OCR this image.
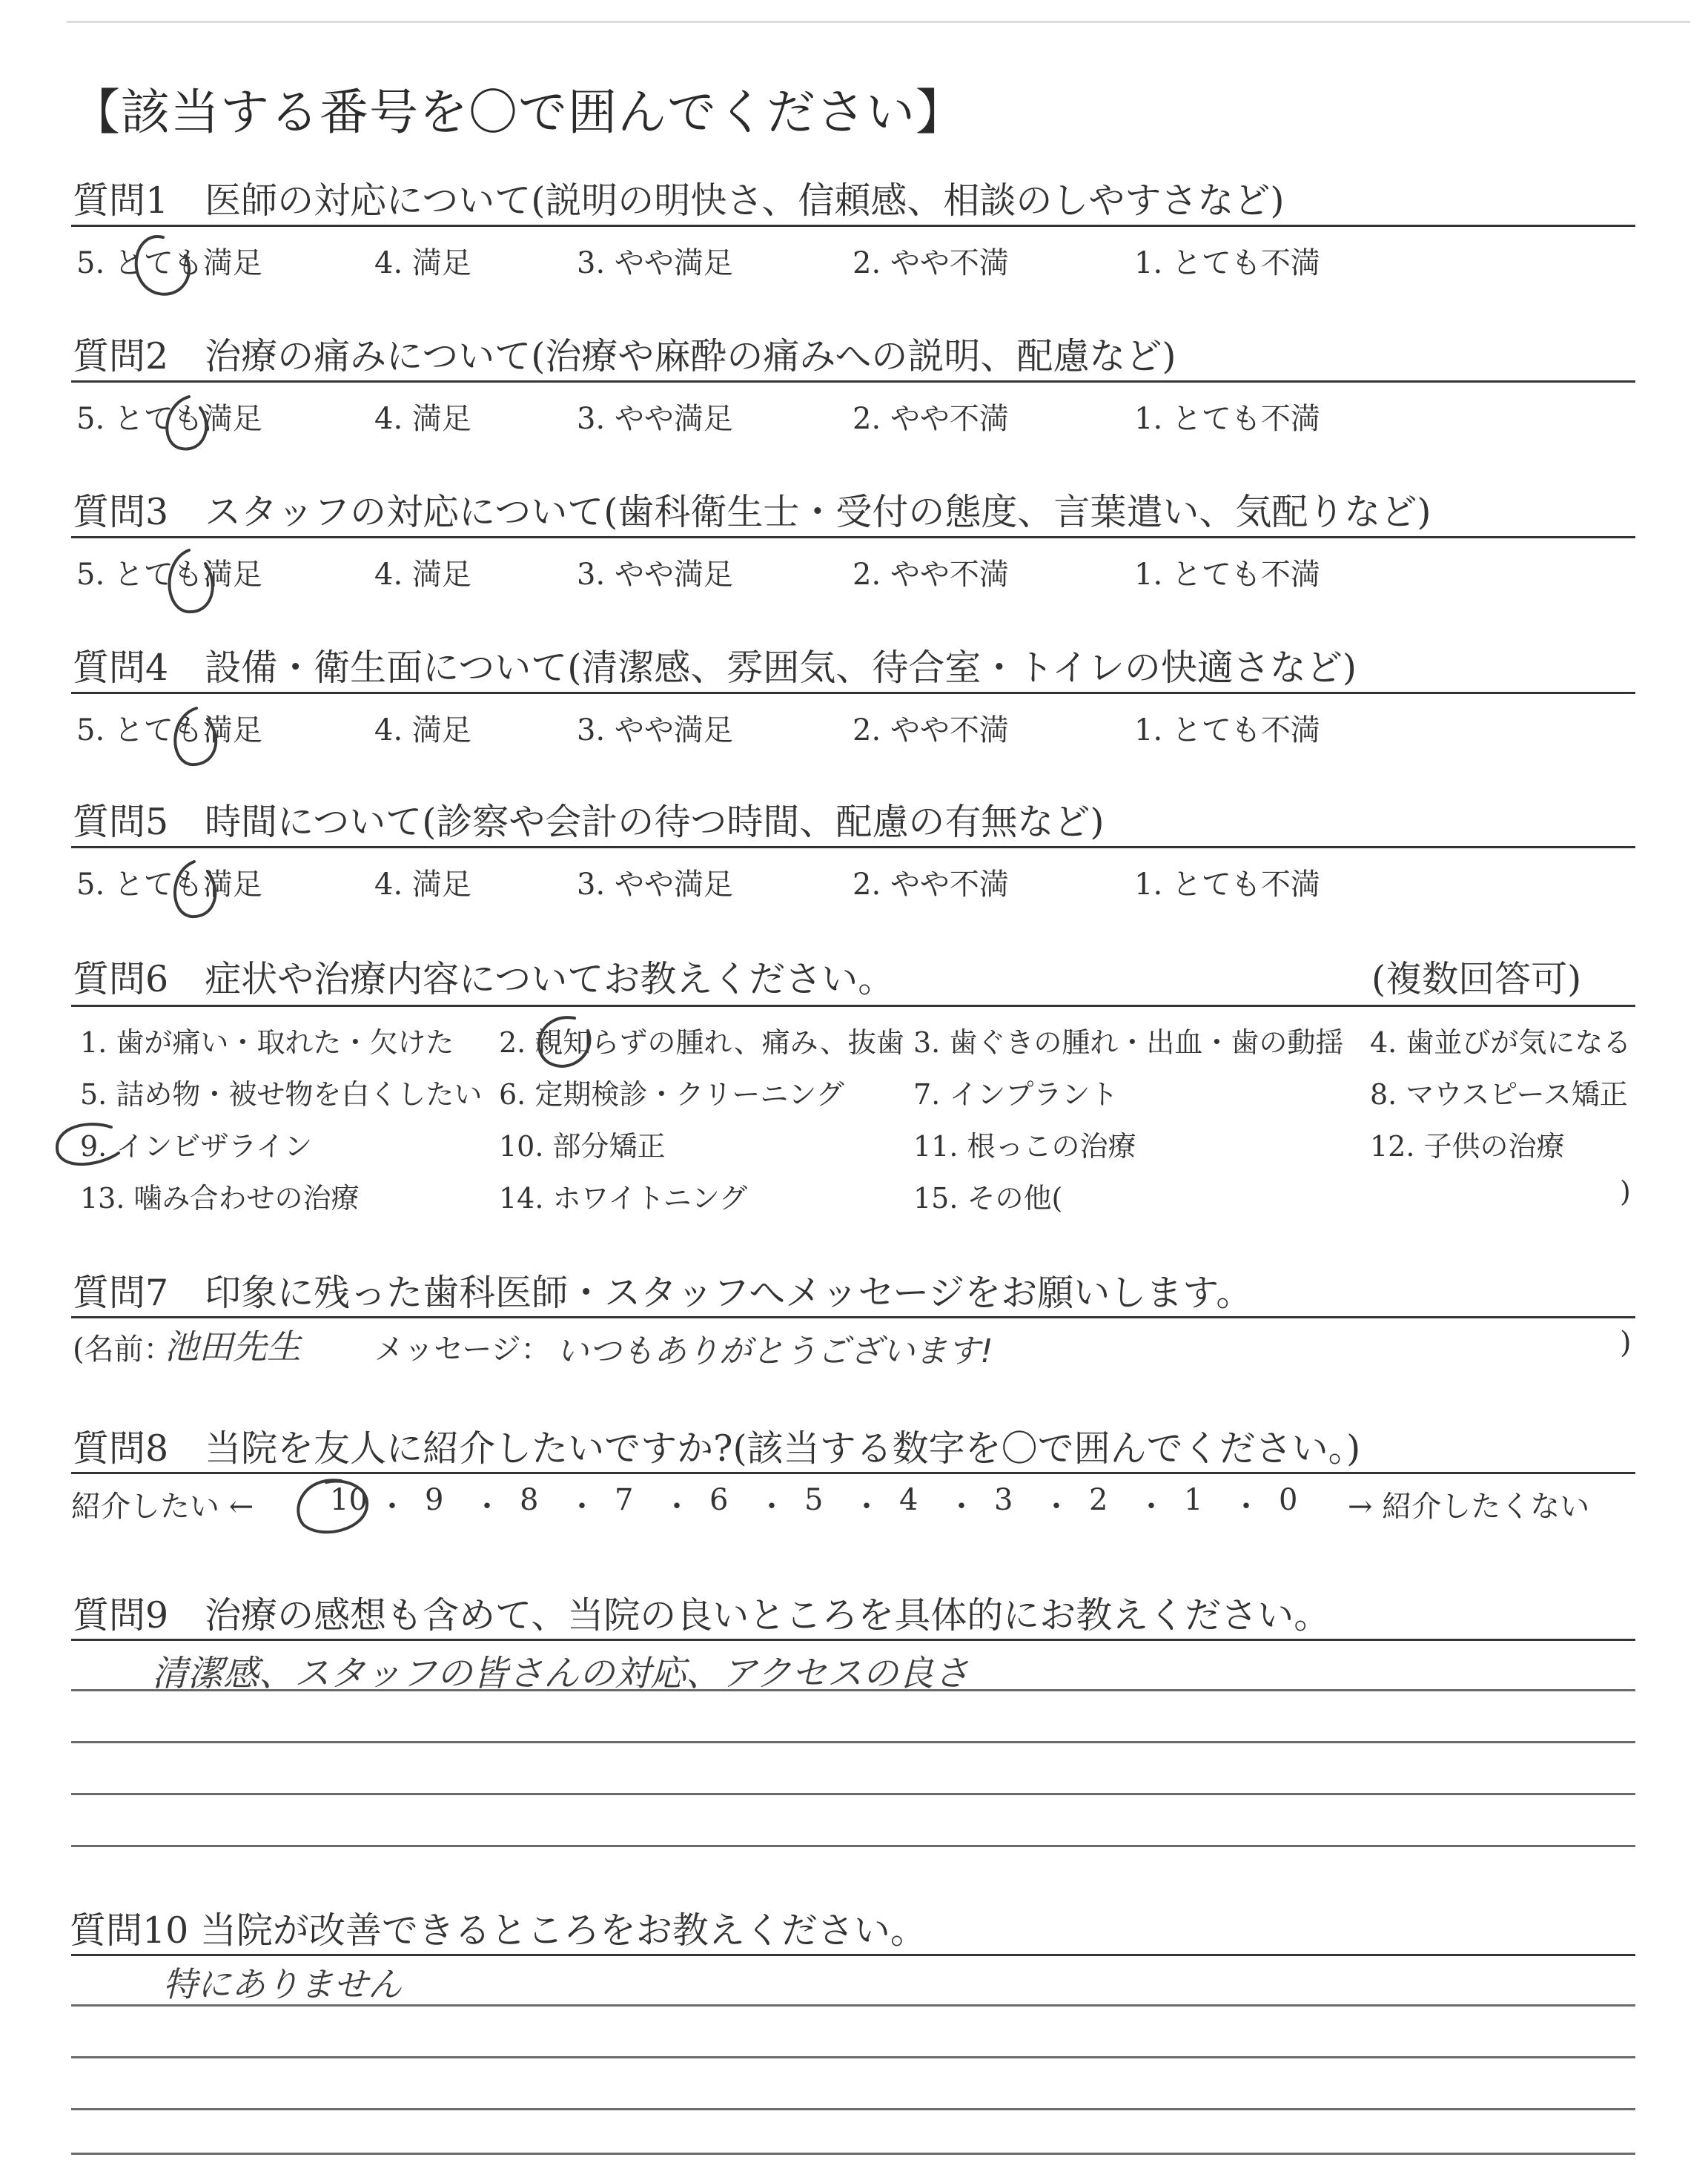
【該当する番号を〇で囲んでください】
質問1　医師の対応について(説明の明快さ、信頼感、相談のしやすさなど)
5. とても満足	4. 満足	3. やや満足	2. やや不満	1. とても不満
質問2　治療の痛みについて(治療や麻酔の痛みへの説明、配慮など)
5. とても満足	4. 満足	3. やや満足	2. やや不満	1. とても不満
質問3　スタッフの対応について(歯科衛生士・受付の態度、言葉遣い、気配りなど)
5. とても満足	4. 満足	3. やや満足	2. やや不満	1. とても不満
質問4　設備・衛生面について(清潔感、雰囲気、待合室・トイレの快適さなど)
5. とても満足	4. 満足	3. やや満足	2. やや不満	1. とても不満
質問5　時間について(診察や会計の待つ時間、配慮の有無など)
5. とても満足	4. 満足	3. やや満足	2. やや不満	1. とても不満
質問6　症状や治療内容についてお教えください。	(複数回答可)
1. 歯が痛い・取れた・欠けた 2. 親知らずの腫れ、痛み、抜歯 3. 歯ぐきの腫れ・出血・歯の動揺 4. 歯並びが気になる
5. 詰め物・被せ物を白くしたい 6. 定期検診・クリーニング 7. インプラント	8. マウスピース矯正
9. インビザライン	10. 部分矯正	11. 根っこの治療	12. 子供の治療
13. 噛み合わせの治療	14. ホワイトニング	15. その他(	)
質問7　印象に残った歯科医師・スタッフへメッセージをお願いします。
(名前：
池田先生 メッセージ： いつもありがとうございます!	)
質問8　当院を友人に紹介したいですか?(該当する数字を〇で囲んでください。)
紹介したい ←	→ 紹介したくない
10 ・ 9 ・ 8 ・ 7 ・ 6 ・ 5 ・ 4 ・ 3 ・ 2 ・ 1 ・ 0
質問9　治療の感想も含めて、当院の良いところを具体的にお教えください。
清潔感、スタッフの皆さんの対応、アクセスの良さ
質問10 当院が改善できるところをお教えください。
特にありません
